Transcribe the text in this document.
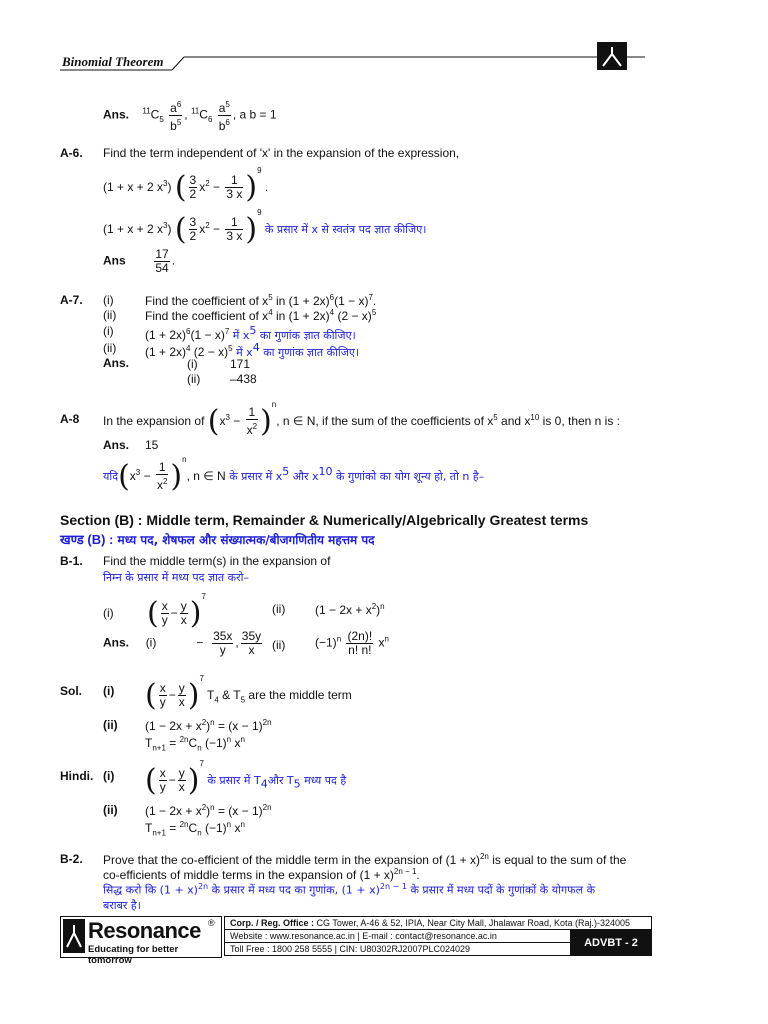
Binomial Theorem
Ans. $^{11}C_5 \frac{a^6}{b^5}$ , $^{11}C_6 \frac{a^5}{b^6}$ , a b = 1
A-6. Find the term independent of 'x' in the expansion of the expression,
(1 + x + 2 $x^3$) ( $\frac{3}{2} x^2 - \frac{1}{3 x} )^9$ .
(1 + x + 2 $x^3$) ( $\frac{3}{2} x^2 - \frac{1}{3 x} )^9$ के प्रसार में x से स्वतंत्र पद ज्ञात कीजिए।
Ans $\frac{17}{54}$ .
A-7. (i)	Find the coefficient of $x^5$ in $(1 + 2x)^6(1 - x)^7$.
(ii) Find the coefficient of $x^4$ in $(1 + 2x)^4$ $(2 - x)^5$
(i)	$(1 + 2x)^6(1 - x)^7$ में $x^5$ का गुणांक ज्ञात कीजिए।
(ii) $(1 + 2x)^4$ $(2 - x)^5$ में $x^4$ का गुणांक ज्ञात कीजिए।
Ans.	(i)	171
(ii) –438
A-8 In the expansion of $(x^3 - \frac{1}{x^2} )^n$, n ∈ N, if the sum of the coefficients of $x^5$ and $x^{10}$ is 0, then n is :
Ans. 15
$यदि(x^3 - \frac{1}{x^2} )^n$, n ∈ N के प्रसार में $x^5$ और $x^{10}$ के गुणांको का योग शून्य हो, तो n है–
Section (B) : Middle term, Remainder & Numerically/Algebrically Greatest terms
खण्ड (B) : मध्य पद, शेषफल और संख्यात्मक/बीजगणितीय महत्तम पद
B-1. Find the middle term(s) in the expansion of
निम्न के प्रसार में मध्य पद ज्ञात करो–
(i) ( $\frac{x}{y} - \frac{y}{x} )^7$
(ii) $(1 - 2x + x^2)^n$
Ans. (i)	− $\frac{35x}{y}$ , $\frac{35y}{x} (ii)$ $(-1)^n \frac{(2n)!}{n! n!} x^n$
Sol. (i) ( $\frac{x}{y} - \frac{y}{x} )^7$ $T_4$ & $T_5$ are the middle term
(ii) $(1 - 2x + x^2)^n = (x - 1)^{2n}$
$T_{n+1} = ^{2n}C_n$ $(-1)^n$ $x^n$
Hindi. (i) ( $\frac{x}{y} - \frac{y}{x} )^7$ के प्रसार में $T_4और$ $T_5$ मध्य पद है
(ii) $(1 - 2x + x^2)^n = (x - 1)^{2n}$
$T_{n+1} = ^{2n}C_n$ $(-1)^n$ $x^n$
B-2. Prove that the co-efficient of the middle term in the expansion of $(1 + x)^{2n}$ is equal to the sum of the
co-efficients of middle terms in the expansion of $(1 + x)^{2n - 1}$.
सिद्ध करो कि $(1 + x)^{2n}$ के प्रसार में मध्य पद का गुणांक, $(1 + x)^{2n - 1}$ के प्रसार में मध्य पदों के गुणांकों के योगफल के
बराबर है।
Resonance ®
Educating for better tomorrow
Corp. / Reg. Office : CG Tower, A-46 & 52, IPIA, Near City Mall, Jhalawar Road, Kota (Raj.)-324005
Website : www.resonance.ac.in | E-mail : contact@resonance.ac.in	ADVBT - 2
Toll Free : 1800 258 5555 | CIN: U80302RJ2007PLC024029
